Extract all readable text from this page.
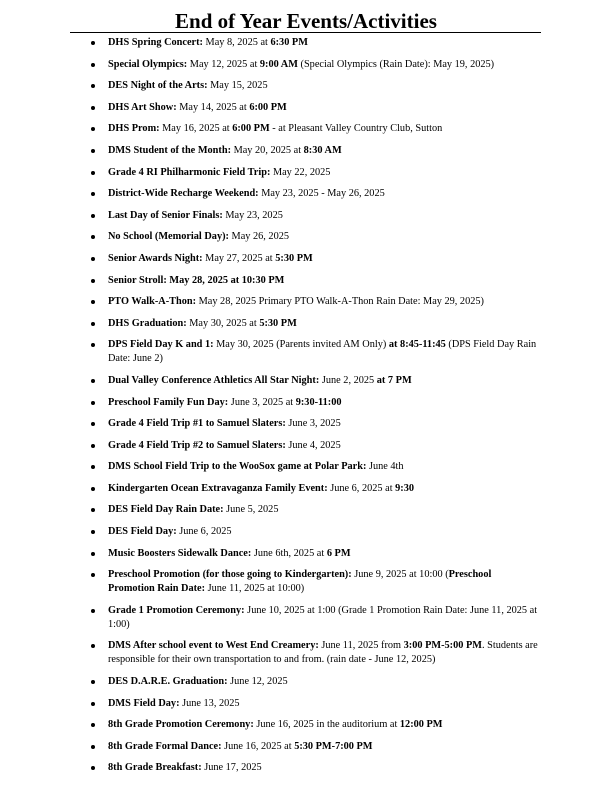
End of Year Events/Activities
DHS Spring Concert: May 8, 2025 at 6:30 PM
Special Olympics: May 12, 2025 at 9:00 AM (Special Olympics (Rain Date): May 19, 2025)
DES Night of the Arts: May 15, 2025
DHS Art Show: May 14, 2025 at 6:00 PM
DHS Prom: May 16, 2025 at 6:00 PM - at Pleasant Valley Country Club, Sutton
DMS Student of the Month: May 20, 2025 at 8:30 AM
Grade 4 RI Philharmonic Field Trip: May 22, 2025
District-Wide Recharge Weekend: May 23, 2025 - May 26, 2025
Last Day of Senior Finals: May 23, 2025
No School (Memorial Day): May 26, 2025
Senior Awards Night: May 27, 2025 at 5:30 PM
Senior Stroll: May 28, 2025 at 10:30 PM
PTO Walk-A-Thon: May 28, 2025 Primary PTO Walk-A-Thon Rain Date: May 29, 2025)
DHS Graduation: May 30, 2025 at 5:30 PM
DPS Field Day K and 1: May 30, 2025 (Parents invited AM Only) at 8:45-11:45 (DPS Field Day Rain Date: June 2)
Dual Valley Conference Athletics All Star Night: June 2, 2025 at 7 PM
Preschool Family Fun Day: June 3, 2025 at 9:30-11:00
Grade 4 Field Trip #1 to Samuel Slaters: June 3, 2025
Grade 4 Field Trip #2 to Samuel Slaters: June 4, 2025
DMS School Field Trip to the WooSox game at Polar Park: June 4th
Kindergarten Ocean Extravaganza Family Event: June 6, 2025 at 9:30
DES Field Day Rain Date: June 5, 2025
DES Field Day: June 6, 2025
Music Boosters Sidewalk Dance: June 6th, 2025 at 6 PM
Preschool Promotion (for those going to Kindergarten): June 9, 2025 at 10:00 (Preschool Promotion Rain Date: June 11, 2025 at 10:00)
Grade 1 Promotion Ceremony: June 10, 2025 at 1:00 (Grade 1 Promotion Rain Date: June 11, 2025 at 1:00)
DMS After school event to West End Creamery: June 11, 2025 from 3:00 PM-5:00 PM. Students are responsible for their own transportation to and from. (rain date - June 12, 2025)
DES D.A.R.E. Graduation: June 12, 2025
DMS Field Day: June 13, 2025
8th Grade Promotion Ceremony: June 16, 2025 in the auditorium at 12:00 PM
8th Grade Formal Dance: June 16, 2025 at 5:30 PM-7:00 PM
8th Grade Breakfast: June 17, 2025
